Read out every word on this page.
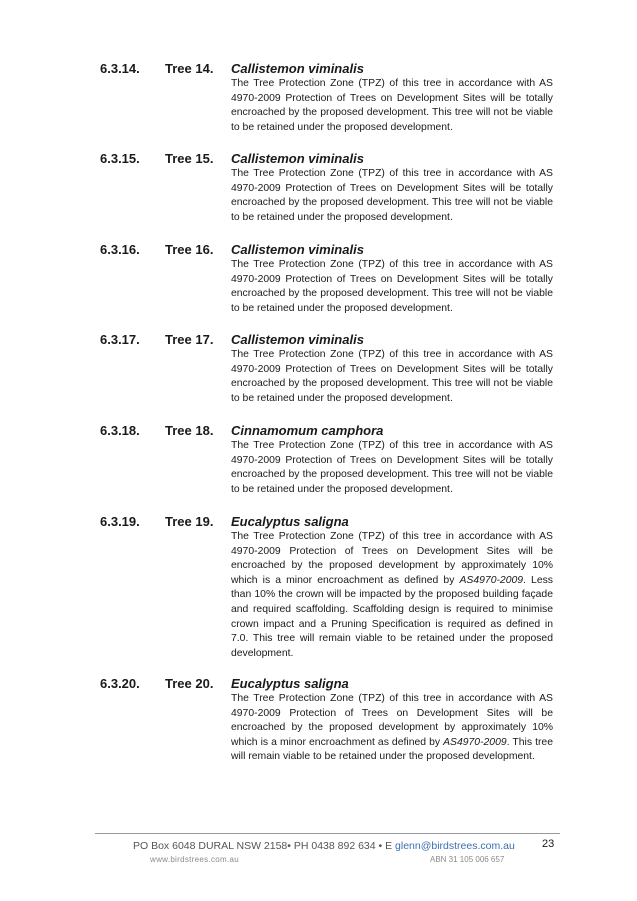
6.3.14. Tree 14. Callistemon viminalis
The Tree Protection Zone (TPZ) of this tree in accordance with AS 4970-2009 Protection of Trees on Development Sites will be totally encroached by the proposed development. This tree will not be viable to be retained under the proposed development.
6.3.15. Tree 15. Callistemon viminalis
The Tree Protection Zone (TPZ) of this tree in accordance with AS 4970-2009 Protection of Trees on Development Sites will be totally encroached by the proposed development. This tree will not be viable to be retained under the proposed development.
6.3.16. Tree 16. Callistemon viminalis
The Tree Protection Zone (TPZ) of this tree in accordance with AS 4970-2009 Protection of Trees on Development Sites will be totally encroached by the proposed development. This tree will not be viable to be retained under the proposed development.
6.3.17. Tree 17. Callistemon viminalis
The Tree Protection Zone (TPZ) of this tree in accordance with AS 4970-2009 Protection of Trees on Development Sites will be totally encroached by the proposed development. This tree will not be viable to be retained under the proposed development.
6.3.18. Tree 18. Cinnamomum camphora
The Tree Protection Zone (TPZ) of this tree in accordance with AS 4970-2009 Protection of Trees on Development Sites will be totally encroached by the proposed development. This tree will not be viable to be retained under the proposed development.
6.3.19. Tree 19. Eucalyptus saligna
The Tree Protection Zone (TPZ) of this tree in accordance with AS 4970-2009 Protection of Trees on Development Sites will be encroached by the proposed development by approximately 10% which is a minor encroachment as defined by AS4970-2009. Less than 10% the crown will be impacted by the proposed building façade and required scaffolding. Scaffolding design is required to minimise crown impact and a Pruning Specification is required as defined in 7.0. This tree will remain viable to be retained under the proposed development.
6.3.20. Tree 20. Eucalyptus saligna
The Tree Protection Zone (TPZ) of this tree in accordance with AS 4970-2009 Protection of Trees on Development Sites will be encroached by the proposed development by approximately 10% which is a minor encroachment as defined by AS4970-2009. This tree will remain viable to be retained under the proposed development.
PO Box 6048 DURAL NSW 2158• PH 0438 892 634 • E glenn@birdstrees.com.au
www.birdstrees.com.au	ABN 31 105 006 657
23
